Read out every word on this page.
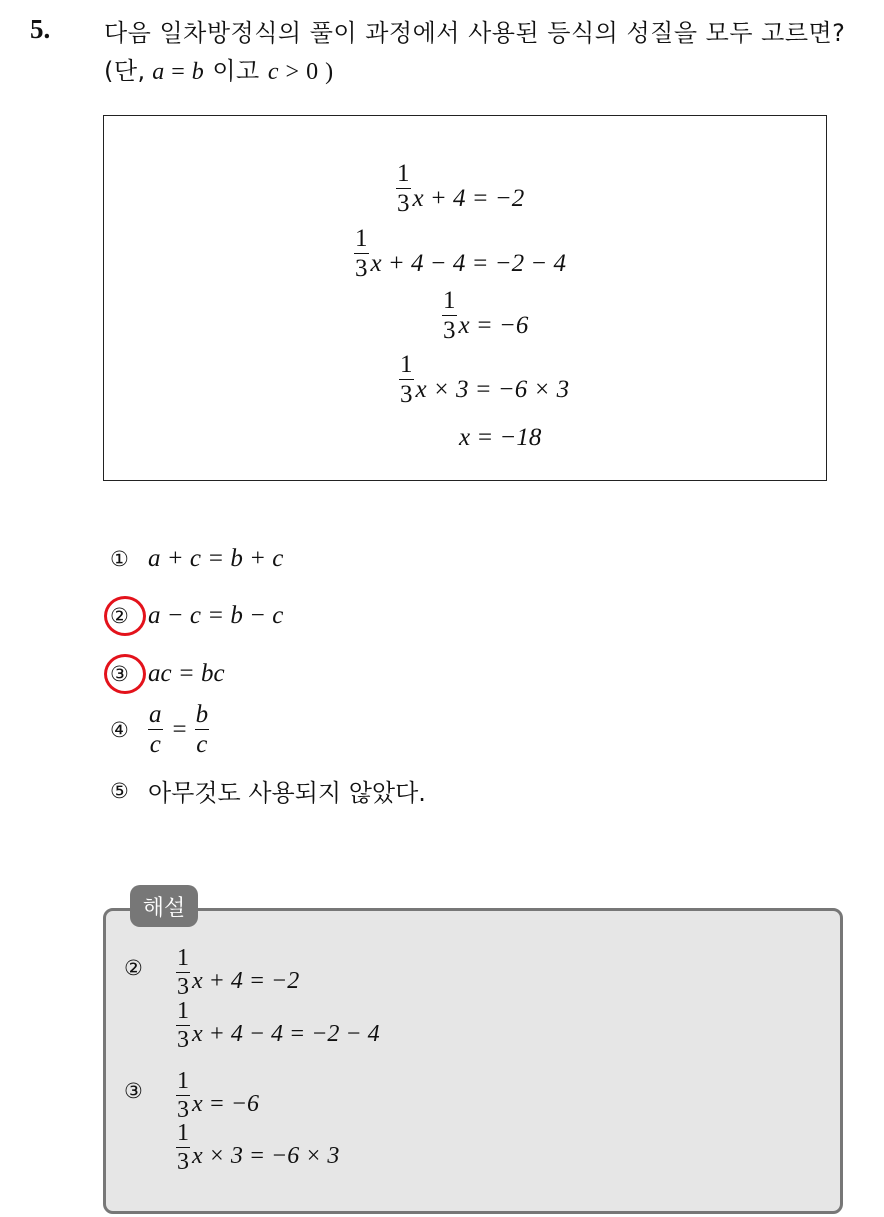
5. 다음 일차방정식의 풀이 과정에서 사용된 등식의 성질을 모두 고르면?(단, a = b 이고 c > 0 )
$\frac{1}{3}$ x + 4 = −2
$\frac{1}{3}$ x + 4 − 4 = −2 − 4
$\frac{1}{3}$ x = −6
$\frac{1}{3}$ x × 3 = −6 × 3
x = −18
① a + c = b + c
② a − c = b − c
③ ac = bc
④ $\frac{a}{c} = \frac{b}{c}$
⑤ 아무것도 사용되지 않았다.
해설
② $\frac{1}{3}$ x + 4 = −2
$\frac{1}{3}$ x + 4 − 4 = −2 − 4
③ $\frac{1}{3}$ x = −6
$\frac{1}{3}$ x × 3 = −6 × 3
